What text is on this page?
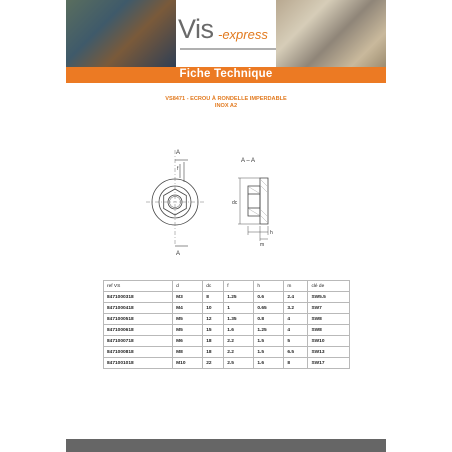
Vis -express
Fiche Technique
VS8471 - ECROU À RONDELLE IMPERDABLE
INOX A2
A
A
f
A – A
dc
m
h
ref VS	d	dc	f	h	m	clé de
8471000318	M3	8	1.25	0.6	2.4	SW5.5
8471000418	M4	10	1	0.65	3.2	SW7
8471000518	M5	12	1.35	0.8	4	SW8
8471000618	M5	15	1.6	1.25	4	SW8
8471000718	M6	18	2.2	1.5	5	SW10
8471000818	M8	18	2.2	1.5	6.5	SW13
8471001018	M10	22	2.5	1.6	8	SW17
